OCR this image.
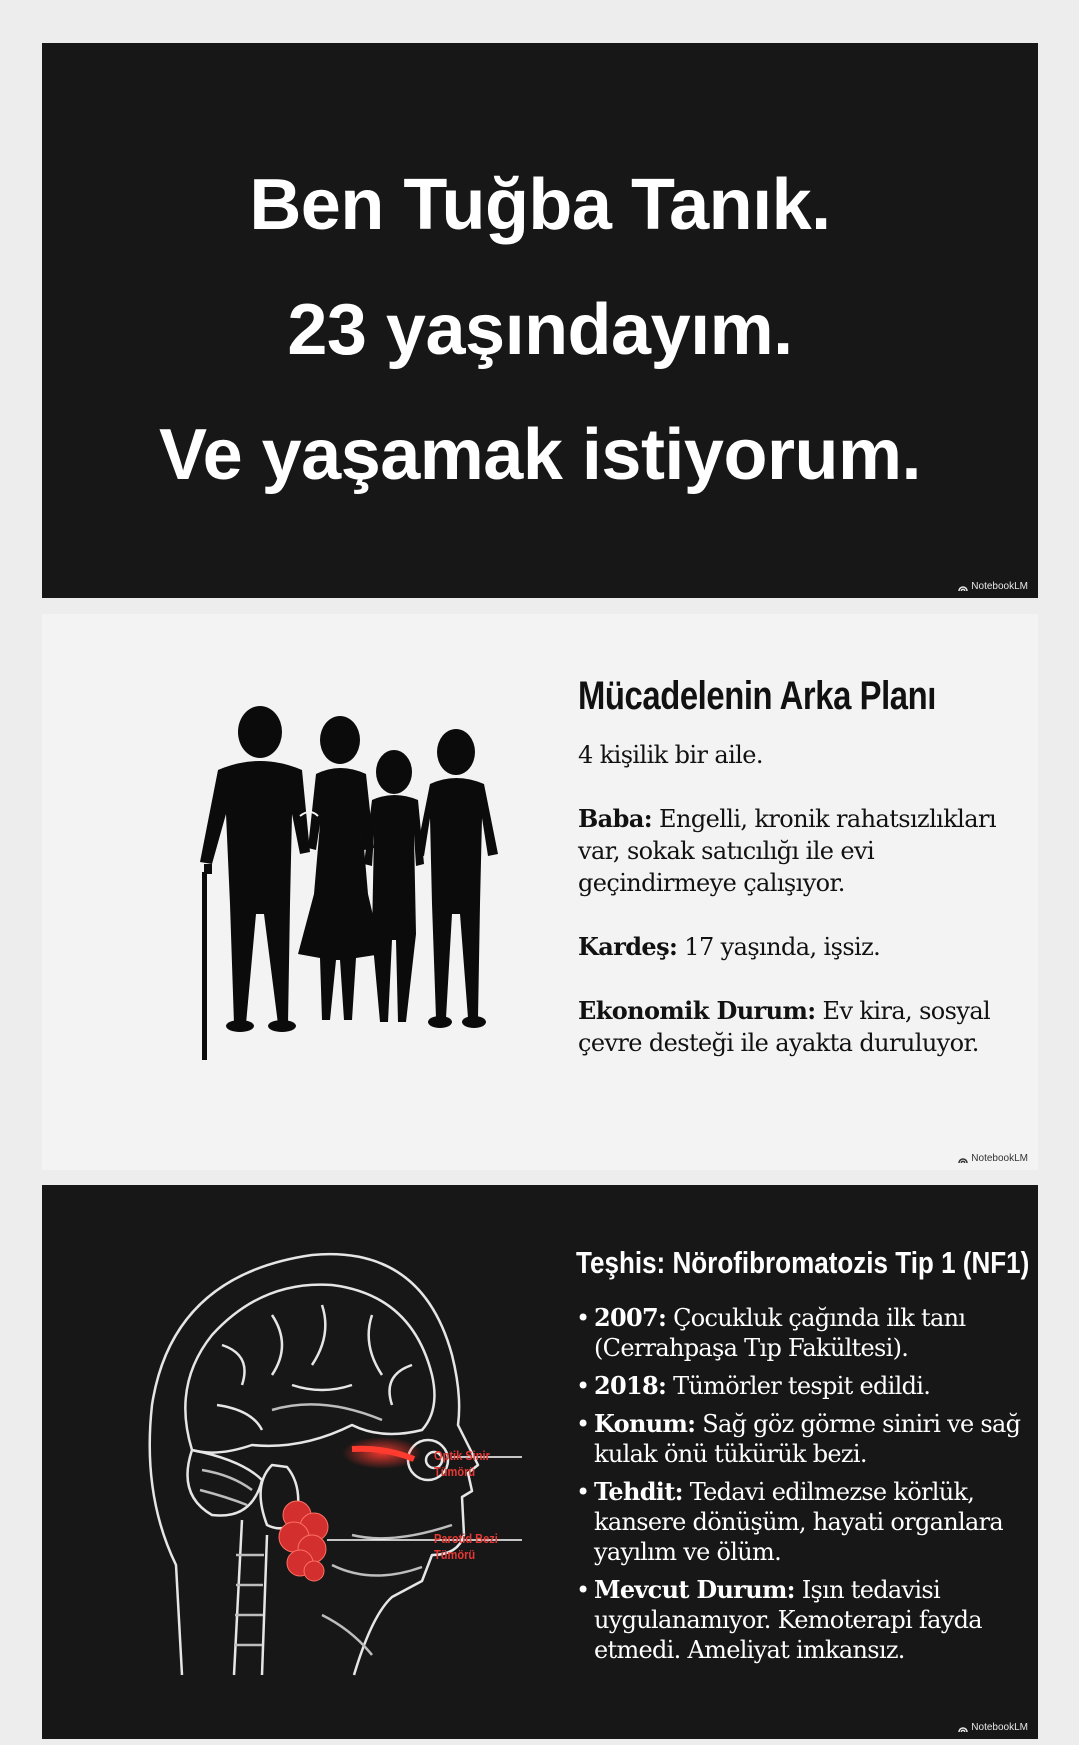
Ben Tuğba Tanık.
23 yaşındayım.
Ve yaşamak istiyorum.
NotebookLM
Mücadelenin Arka Planı

4 kişilik bir aile.

Baba: Engelli, kronik rahatsızlıkları var, sokak satıcılığı ile evi geçindirmeye çalışıyor.

Kardeş: 17 yaşında, işsiz.

Ekonomik Durum: Ev kira, sosyal çevre desteği ile ayakta duruluyor.

NotebookLM
Optik Sinir
Tümörü
Parotid Bezi
Tümörü
Teşhis: Nörofibromatozis Tip 1 (NF1)
• 2007: Çocukluk çağında ilk tanı (Cerrahpaşa Tıp Fakültesi).
• 2018: Tümörler tespit edildi.
• Konum: Sağ göz görme siniri ve sağ kulak önü tükürük bezi.
• Tehdit: Tedavi edilmezse körlük, kansere dönüşüm, hayati organlara yayılım ve ölüm.
• Mevcut Durum: Işın tedavisi uygulanamıyor. Kemoterapi fayda etmedi. Ameliyat imkansız.
NotebookLM
